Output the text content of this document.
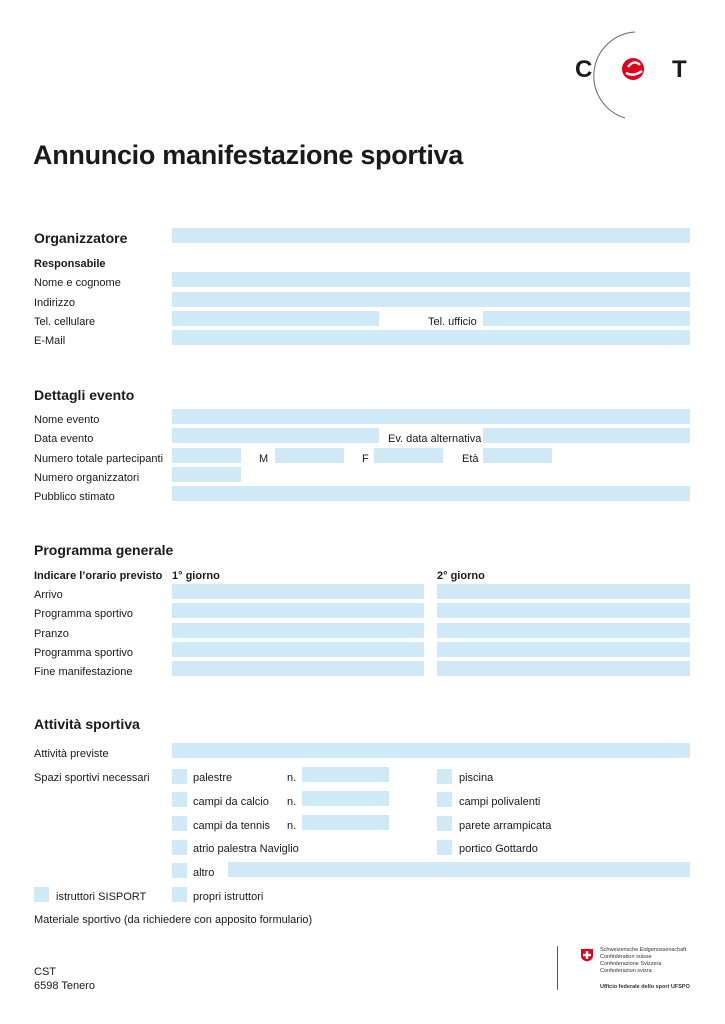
C	T
Annuncio manifestazione sportiva
Organizzatore
Responsabile
Nome e cognome
Indirizzo
Tel. cellulare	Tel. ufficio
E-Mail
Dettagli evento
Nome evento
Data evento	Ev. data alternativa
Numero totale partecipanti	M	F	Età
Numero organizzatori
Pubblico stimato
Programma generale
Indicare l’orario previsto 1° giorno	2° giorno
Arrivo
Programma sportivo
Pranzo
Programma sportivo
Fine manifestazione
Attività sportiva
Attività previste
Spazi sportivi necessari	palestre	n.	piscina
campi da calcio n.	campi polivalenti
campi da tennis n.	parete arrampicata
atrio palestra Naviglio	portico Gottardo
altro
istruttori SISPORT	propri istruttori
Materiale sportivo (da richiedere con apposito formulario)
CST
6598 Tenero
Schweizerische Eidgenossenschaft
Confédération suisse
Confederazione Svizzera
Confederaziun svizra
Ufficio federale dello sport UFSPO
